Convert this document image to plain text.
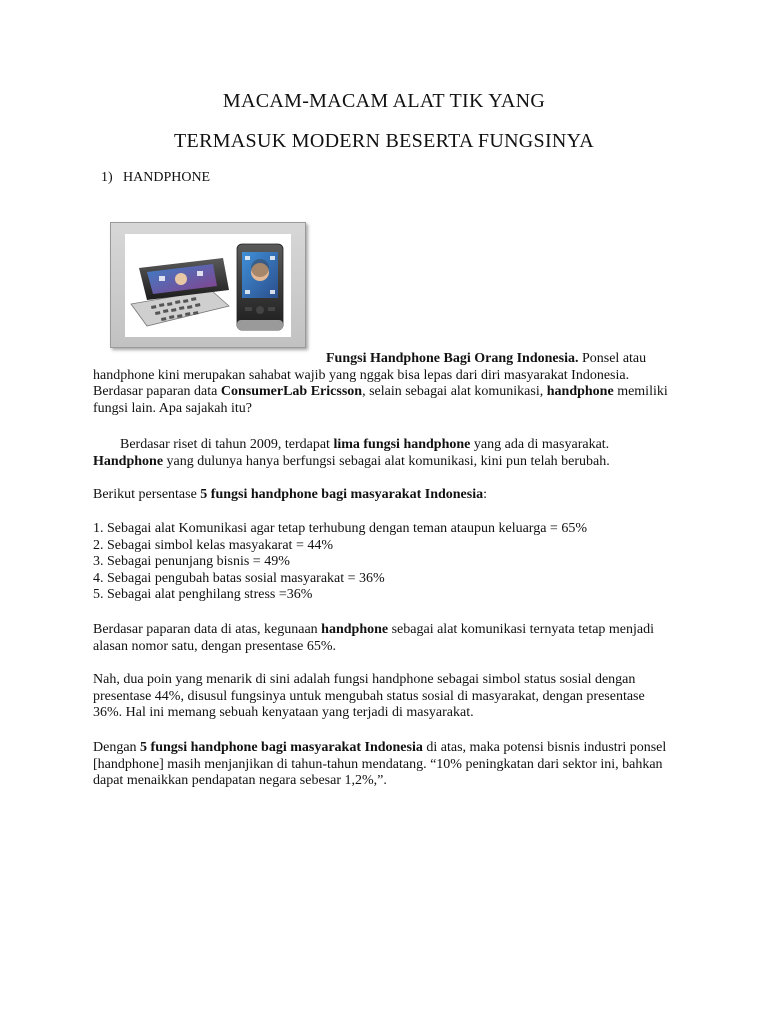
MACAM-MACAM ALAT TIK YANG
TERMASUK MODERN BESERTA FUNGSINYA
1) HANDPHONE

Fungsi Handphone Bagi Orang Indonesia. Ponsel atau handphone kini merupakan sahabat wajib yang nggak bisa lepas dari diri masyarakat Indonesia. Berdasar paparan data ConsumerLab Ericsson, selain sebagai alat komunikasi, handphone memiliki fungsi lain. Apa sajakah itu?

Berdasar riset di tahun 2009, terdapat lima fungsi handphone yang ada di masyarakat. Handphone yang dulunya hanya berfungsi sebagai alat komunikasi, kini pun telah berubah.

Berikut persentase 5 fungsi handphone bagi masyarakat Indonesia:

1. Sebagai alat Komunikasi agar tetap terhubung dengan teman ataupun keluarga = 65%
2. Sebagai simbol kelas masyakarat = 44%
3. Sebagai penunjang bisnis = 49%
4. Sebagai pengubah batas sosial masyarakat = 36%
5. Sebagai alat penghilang stress =36%

Berdasar paparan data di atas, kegunaan handphone sebagai alat komunikasi ternyata tetap menjadi alasan nomor satu, dengan presentase 65%.

Nah, dua poin yang menarik di sini adalah fungsi handphone sebagai simbol status sosial dengan presentase 44%, disusul fungsinya untuk mengubah status sosial di masyarakat, dengan presentase 36%. Hal ini memang sebuah kenyataan yang terjadi di masyarakat.

Dengan 5 fungsi handphone bagi masyarakat Indonesia di atas, maka potensi bisnis industri ponsel [handphone] masih menjanjikan di tahun-tahun mendatang. “10% peningkatan dari sektor ini, bahkan dapat menaikkan pendapatan negara sebesar 1,2%,”.
